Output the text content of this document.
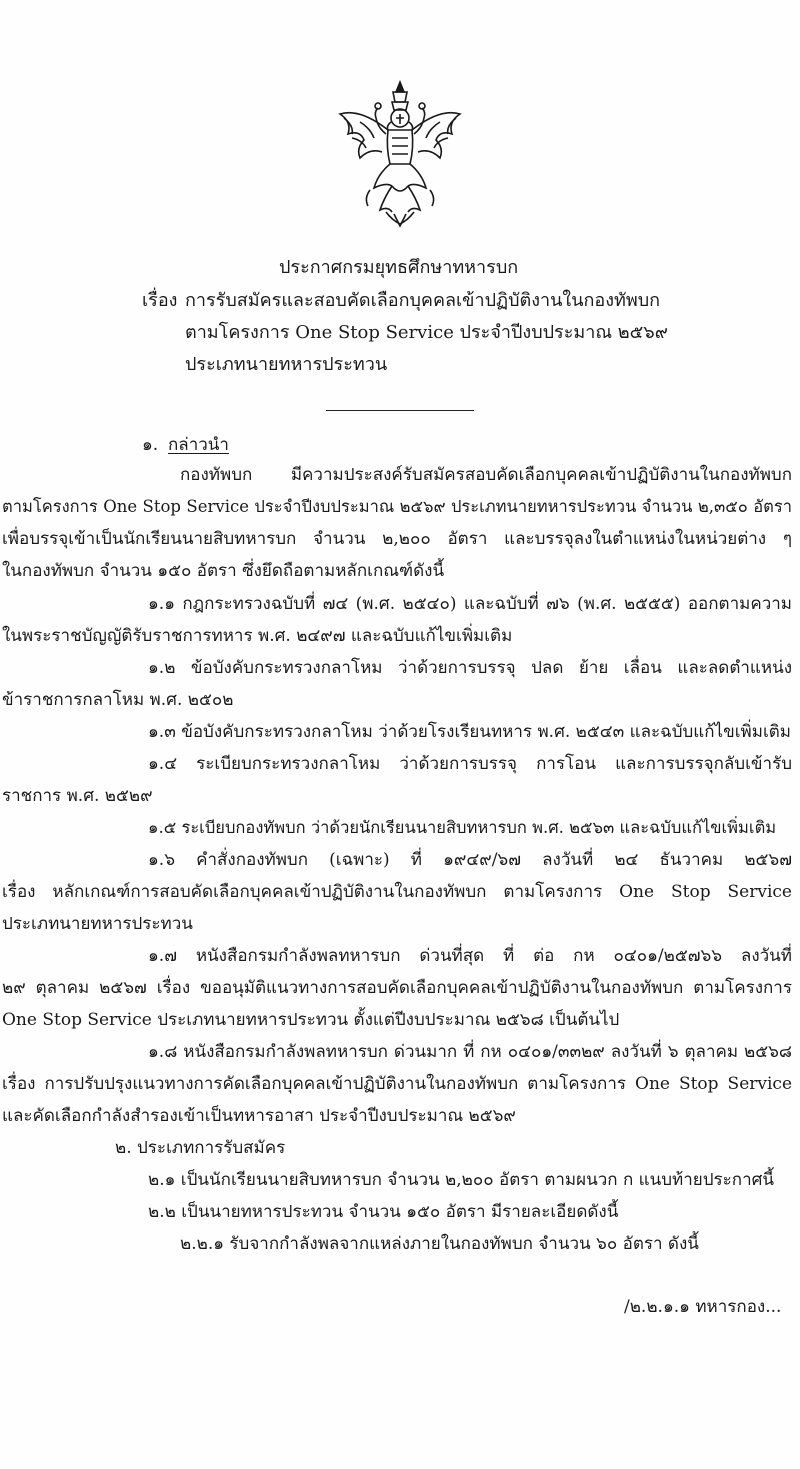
ประกาศกรมยุทธศึกษาทหารบก
เรื่อง การรับสมัครและสอบคัดเลือกบุคคลเข้าปฏิบัติงานในกองทัพบก
ตามโครงการ One Stop Service ประจำปีงบประมาณ ๒๕๖๙
ประเภทนายทหารประทวน
๑. กล่าวนำ
กองทัพบก มีความประสงค์รับสมัครสอบคัดเลือกบุคคลเข้าปฏิบัติงานในกองทัพบก
ตามโครงการ One Stop Service ประจำปีงบประมาณ ๒๕๖๙ ประเภทนายทหารประทวน จำนวน ๒,๓๕๐ อัตรา
เพื่อบรรจุเข้าเป็นนักเรียนนายสิบทหารบก จำนวน ๒,๒๐๐ อัตรา และบรรจุลงในตำแหน่งในหน่วยต่าง ๆ
ในกองทัพบก จำนวน ๑๕๐ อัตรา ซึ่งยึดถือตามหลักเกณฑ์ดังนี้
๑.๑ กฎกระทรวงฉบับที่ ๗๔ (พ.ศ. ๒๕๔๐) และฉบับที่ ๗๖ (พ.ศ. ๒๕๕๕) ออกตามความ
ในพระราชบัญญัติรับราชการทหาร พ.ศ. ๒๔๙๗ และฉบับแก้ไขเพิ่มเติม
๑.๒ ข้อบังคับกระทรวงกลาโหม ว่าด้วยการบรรจุ ปลด ย้าย เลื่อน และลดตำแหน่ง
ข้าราชการกลาโหม พ.ศ. ๒๕๐๒
๑.๓ ข้อบังคับกระทรวงกลาโหม ว่าด้วยโรงเรียนทหาร พ.ศ. ๒๕๔๓ และฉบับแก้ไขเพิ่มเติม
๑.๔ ระเบียบกระทรวงกลาโหม ว่าด้วยการบรรจุ การโอน และการบรรจุกลับเข้ารับ
ราชการ พ.ศ. ๒๕๒๙
๑.๕ ระเบียบกองทัพบก ว่าด้วยนักเรียนนายสิบทหารบก พ.ศ. ๒๕๖๓ และฉบับแก้ไขเพิ่มเติม
๑.๖ คำสั่งกองทัพบก (เฉพาะ) ที่ ๑๙๔๙/๖๗ ลงวันที่ ๒๔ ธันวาคม ๒๕๖๗
เรื่อง หลักเกณฑ์การสอบคัดเลือกบุคคลเข้าปฏิบัติงานในกองทัพบก ตามโครงการ One Stop Service
ประเภทนายทหารประทวน
๑.๗ หนังสือกรมกำลังพลทหารบก ด่วนที่สุด ที่ ต่อ กห ๐๔๐๑/๒๕๗๖๖ ลงวันที่
๒๙ ตุลาคม ๒๕๖๗ เรื่อง ขออนุมัติแนวทางการสอบคัดเลือกบุคคลเข้าปฏิบัติงานในกองทัพบก ตามโครงการ
One Stop Service ประเภทนายทหารประทวน ตั้งแต่ปีงบประมาณ ๒๕๖๘ เป็นต้นไป
๑.๘ หนังสือกรมกำลังพลทหารบก ด่วนมาก ที่ กห ๐๔๐๑/๓๓๒๙ ลงวันที่ ๖ ตุลาคม ๒๕๖๘
เรื่อง การปรับปรุงแนวทางการคัดเลือกบุคคลเข้าปฏิบัติงานในกองทัพบก ตามโครงการ One Stop Service
และคัดเลือกกำลังสำรองเข้าเป็นทหารอาสา ประจำปีงบประมาณ ๒๕๖๙
๒. ประเภทการรับสมัคร
๒.๑ เป็นนักเรียนนายสิบทหารบก จำนวน ๒,๒๐๐ อัตรา ตามผนวก ก แนบท้ายประกาศนี้
๒.๒ เป็นนายทหารประทวน จำนวน ๑๕๐ อัตรา มีรายละเอียดดังนี้
๒.๒.๑ รับจากกำลังพลจากแหล่งภายในกองทัพบก จำนวน ๖๐ อัตรา ดังนี้
/๒.๒.๑.๑ ทหารกอง...
